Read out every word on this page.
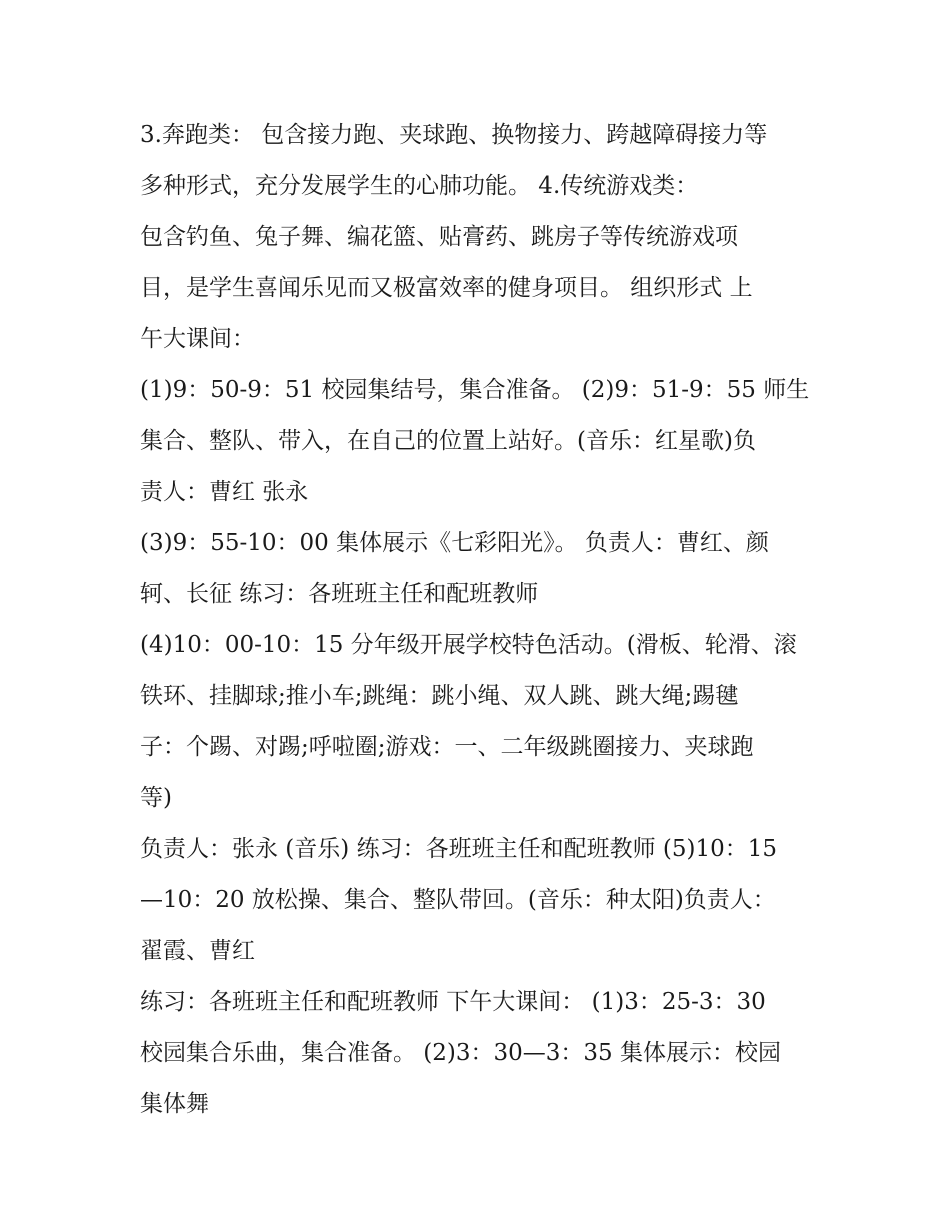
3.奔跑类： 包含接力跑、夹球跑、换物接力、跨越障碍接力等
多种形式，充分发展学生的心肺功能。 4.传统游戏类：
包含钓鱼、兔子舞、编花篮、贴膏药、跳房子等传统游戏项
目，是学生喜闻乐见而又极富效率的健身项目。 组织形式 上
午大课间：
(1)9：50-9：51 校园集结号，集合准备。 (2)9：51-9：55 师生
集合、整队、带入，在自己的位置上站好。(音乐：红星歌)负
责人：曹红 张永
(3)9：55-10：00 集体展示《七彩阳光》。 负责人：曹红、颜
轲、长征 练习：各班班主任和配班教师
(4)10：00-10：15 分年级开展学校特色活动。(滑板、轮滑、滚
铁环、挂脚球;推小车;跳绳：跳小绳、双人跳、跳大绳;踢毽
子：个踢、对踢;呼啦圈;游戏：一、二年级跳圈接力、夹球跑
等)
负责人：张永 (音乐) 练习：各班班主任和配班教师 (5)10：15
—10：20 放松操、集合、整队带回。(音乐：种太阳)负责人：
翟霞、曹红
练习：各班班主任和配班教师 下午大课间： (1)3：25-3：30
校园集合乐曲，集合准备。 (2)3：30—3：35 集体展示：校园
集体舞
